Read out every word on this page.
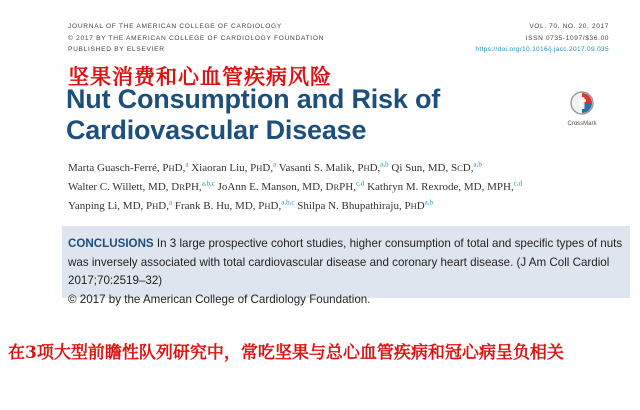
JOURNAL OF THE AMERICAN COLLEGE OF CARDIOLOGY
© 2017 BY THE AMERICAN COLLEGE OF CARDIOLOGY FOUNDATION
PUBLISHED BY ELSEVIER
VOL. 70, NO. 20, 2017
ISSN 0735-1097/$36.00
https://doi.org/10.1016/j.jacc.2017.09.035
坚果消费和心血管疾病风险
Nut Consumption and Risk of
Cardiovascular Disease	CrossMark
Marta Guasch-Ferré, PHD,$^a$ Xiaoran Liu, PHD,$^a$ Vasanti S. Malik, PHD,$^{a,b}$ Qi Sun, MD, SCD,$^{a,b}$
Walter C. Willett, MD, DRPH,$^{a,b,c}$ JoAnn E. Manson, MD, DRPH,$^{c,d}$ Kathryn M. Rexrode, MD, MPH,$^{c,d}$
Yanping Li, MD, PHD,$^a$ Frank B. Hu, MD, PHD,$^{a,b,c}$ Shilpa N. Bhupathiraju, PHD$^{a,b}$

CONCLUSIONS In 3 large prospective cohort studies, higher consumption of total and specific types of nuts was inversely associated with total cardiovascular disease and coronary heart disease. (J Am Coll Cardiol 2017;70:2519–32)
© 2017 by the American College of Cardiology Foundation.

在3项大型前瞻性队列研究中，常吃坚果与总心血管疾病和冠心病呈负相关
